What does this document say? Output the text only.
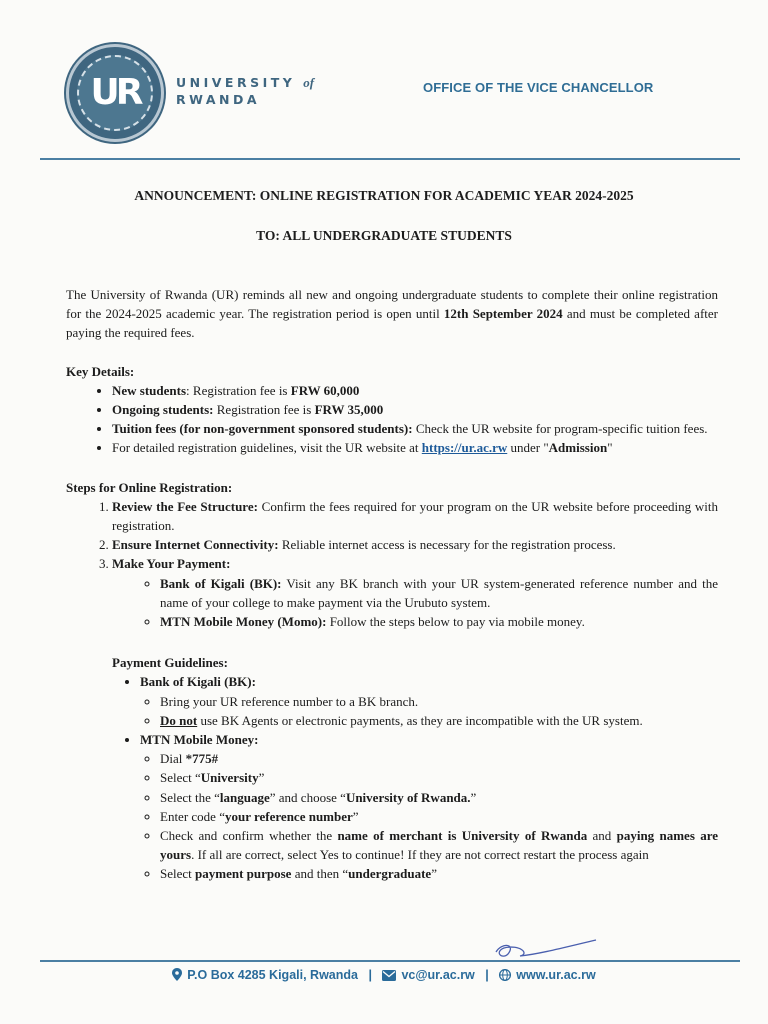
UR	UNIVERSITY of
RWANDA
OFFICE OF THE VICE CHANCELLOR
ANNOUNCEMENT: ONLINE REGISTRATION FOR ACADEMIC YEAR 2024-2025
TO: ALL UNDERGRADUATE STUDENTS

The University of Rwanda (UR) reminds all new and ongoing undergraduate students to complete their online registration for the 2024-2025 academic year. The registration period is open until 12th September 2024 and must be completed after paying the required fees.

Key Details:

• New students: Registration fee is FRW 60,000
• Ongoing students: Registration fee is FRW 35,000
• Tuition fees (for non-government sponsored students): Check the UR website for program-specific tuition fees.
• For detailed registration guidelines, visit the UR website at https://ur.ac.rw under "Admission"

Steps for Online Registration:

1. Review the Fee Structure: Confirm the fees required for your program on the UR website before proceeding with registration.
2. Ensure Internet Connectivity: Reliable internet access is necessary for the registration process.
3. Make Your Payment:
◦ Bank of Kigali (BK): Visit any BK branch with your UR system-generated reference number and the name of your college to make payment via the Urubuto system.
◦ MTN Mobile Money (Momo): Follow the steps below to pay via mobile money.

Payment Guidelines:

• Bank of Kigali (BK):
◦ Bring your UR reference number to a BK branch.
◦ Do not use BK Agents or electronic payments, as they are incompatible with the UR system.
• MTN Mobile Money:
◦ Dial *775#
◦ Select “University”
◦ Select the “language” and choose “University of Rwanda.”
◦ Enter code “your reference number”
◦ Check and confirm whether the name of merchant is University of Rwanda and paying names are yours. If all are correct, select Yes to continue! If they are not correct restart the process again
◦ Select payment purpose and then “undergraduate”
P.O Box 4285 Kigali, Rwanda | vc@ur.ac.rw | www.ur.ac.rw
